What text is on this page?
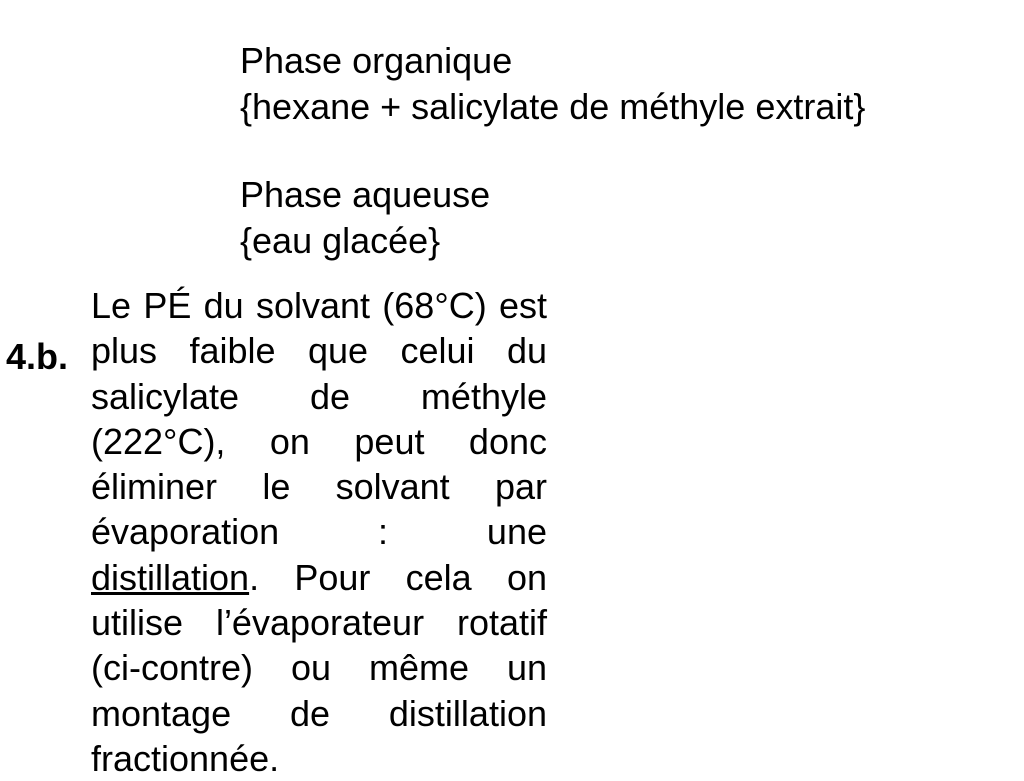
Phase organique
{hexane + salicylate de méthyle extrait}
Phase aqueuse
{eau glacée}
4.b.
Le PÉ du solvant (68°C) est plus faible que celui du salicylate de méthyle (222°C), on peut donc éliminer le solvant par évaporation : une distillation. Pour cela on utilise l’évaporateur rotatif (ci-contre) ou même un montage de distillation fractionnée.
